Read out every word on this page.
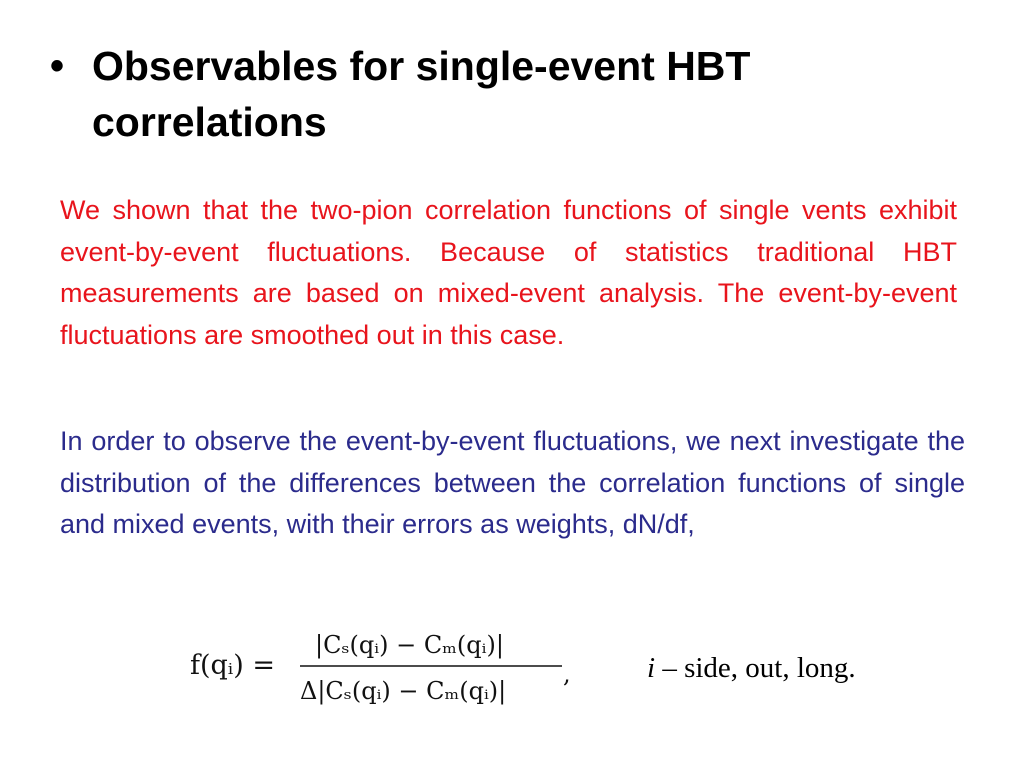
• Observables for single-event HBT correlations

We shown that the two-pion correlation functions of single vents exhibit event-by-event fluctuations. Because of statistics traditional HBT measurements are based on mixed-event analysis. The event-by-event fluctuations are smoothed out in this case.

In order to observe the event-by-event fluctuations, we next investigate the distribution of the differences between the correlation functions of single and mixed events, with their errors as weights, dN/df,

f(qᵢ) =
|Cₛ(qᵢ) − Cₘ(qᵢ)|
Δ|Cₛ(qᵢ) − Cₘ(qᵢ)|
,	i – side, out, long.
